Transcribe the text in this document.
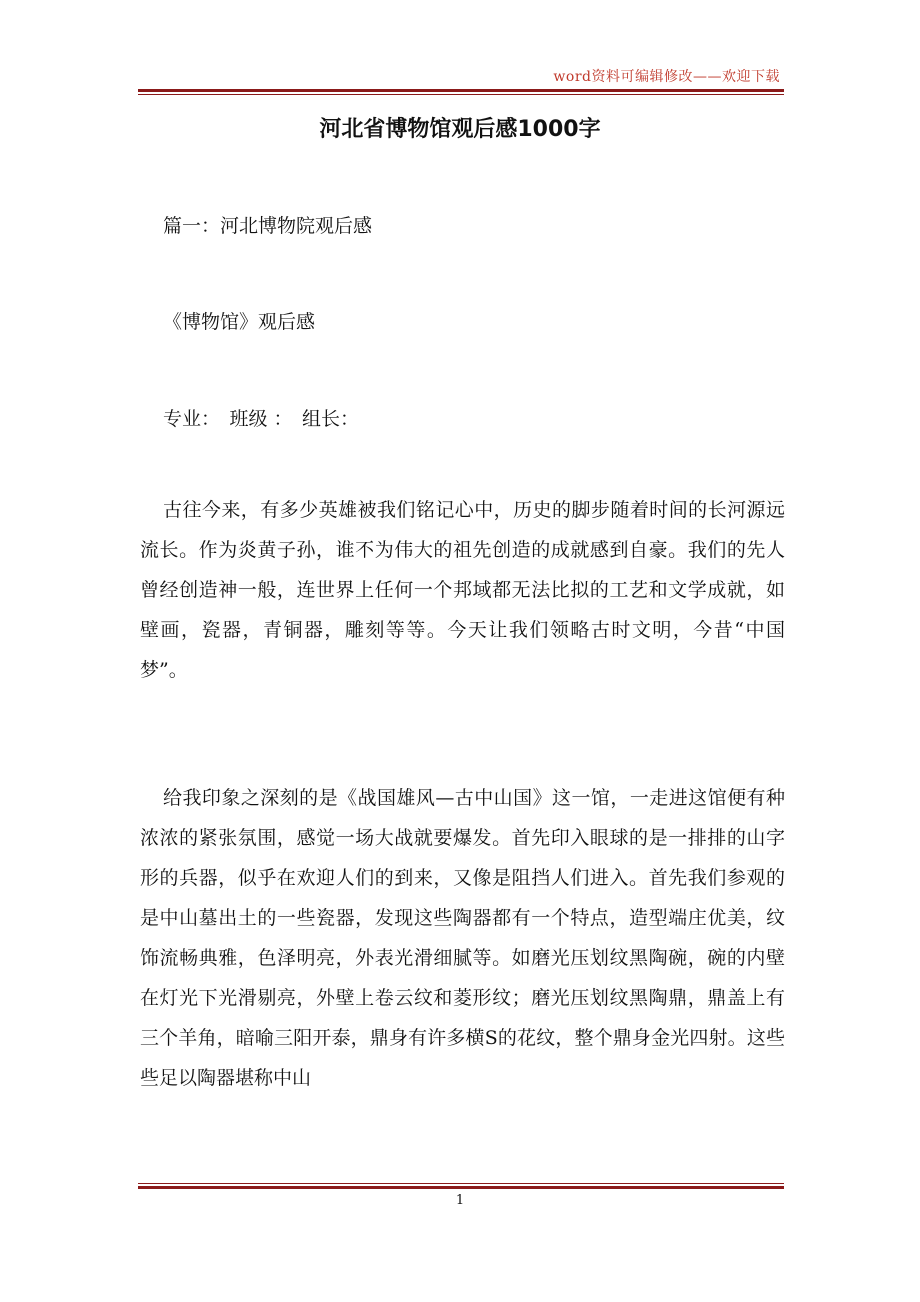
word资料可编辑修改——欢迎下载
河北省博物馆观后感1000字
篇一：河北博物院观后感
《博物馆》观后感
专业：　班级 ：　组长：
古往今来，有多少英雄被我们铭记心中，历史的脚步随着时间的长河源远流长。作为炎黄子孙，谁不为伟大的祖先创造的成就感到自豪。我们的先人曾经创造神一般，连世界上任何一个邦域都无法比拟的工艺和文学成就，如壁画，瓷器，青铜器，雕刻等等。今天让我们领略古时文明，今昔“中国梦”。
给我印象之深刻的是《战国雄风—古中山国》这一馆，一走进这馆便有种浓浓的紧张氛围，感觉一场大战就要爆发。首先印入眼球的是一排排的山字形的兵器，似乎在欢迎人们的到来，又像是阻挡人们进入。首先我们参观的是中山墓出土的一些瓷器，发现这些陶器都有一个特点，造型端庄优美，纹饰流畅典雅，色泽明亮，外表光滑细腻等。如磨光压划纹黑陶碗，碗的内壁在灯光下光滑剔亮，外壁上卷云纹和菱形纹；磨光压划纹黑陶鼎，鼎盖上有三个羊角，暗喻三阳开泰，鼎身有许多横S的花纹，整个鼎身金光四射。这些些足以陶器堪称中山
1
